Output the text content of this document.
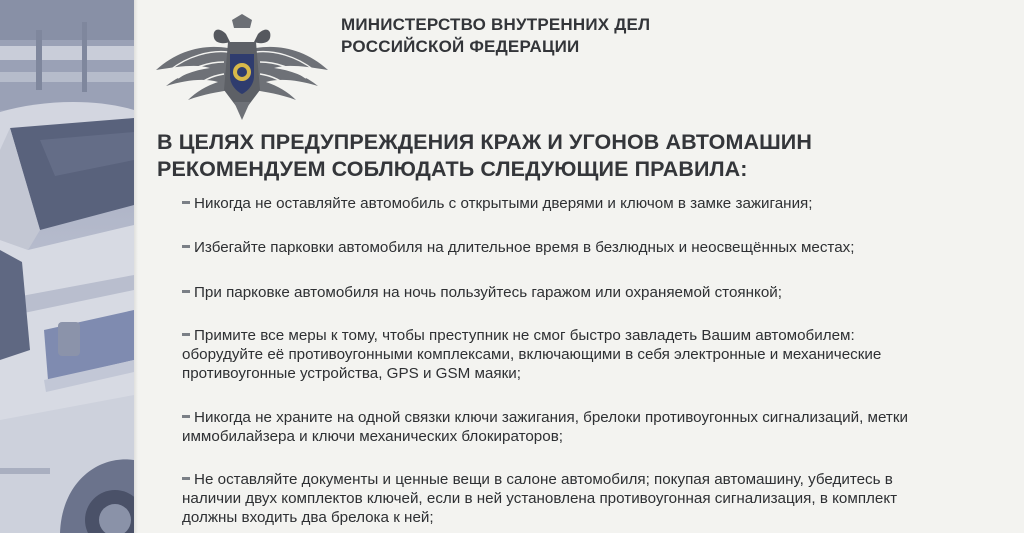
МИНИСТЕРСТВО ВНУТРЕННИХ ДЕЛ
РОССИЙСКОЙ ФЕДЕРАЦИИ
В ЦЕЛЯХ ПРЕДУПРЕЖДЕНИЯ КРАЖ И УГОНОВ АВТОМАШИН
РЕКОМЕНДУЕМ СОБЛЮДАТЬ СЛЕДУЮЩИЕ ПРАВИЛА:
Никогда не оставляйте автомобиль с открытыми дверями и ключом в замке зажигания;
Избегайте парковки автомобиля на длительное время в безлюдных и неосвещённых местах;
При парковке автомобиля на ночь пользуйтесь гаражом или охраняемой стоянкой;
Примите все меры к тому, чтобы преступник не смог быстро завладеть Вашим автомобилем:
оборудуйте её противоугонными комплексами, включающими в себя электронные и механические
противоугонные устройства, GPS и GSM маяки;
Никогда не храните на одной связки ключи зажигания, брелоки противоугонных сигнализаций, метки
иммобилайзера и ключи механических блокираторов;
Не оставляйте документы и ценные вещи в салоне автомобиля; покупая автомашину, убедитесь в
наличии двух комплектов ключей, если в ней установлена противоугонная сигнализация, в комплект
должны входить два брелока к ней;
